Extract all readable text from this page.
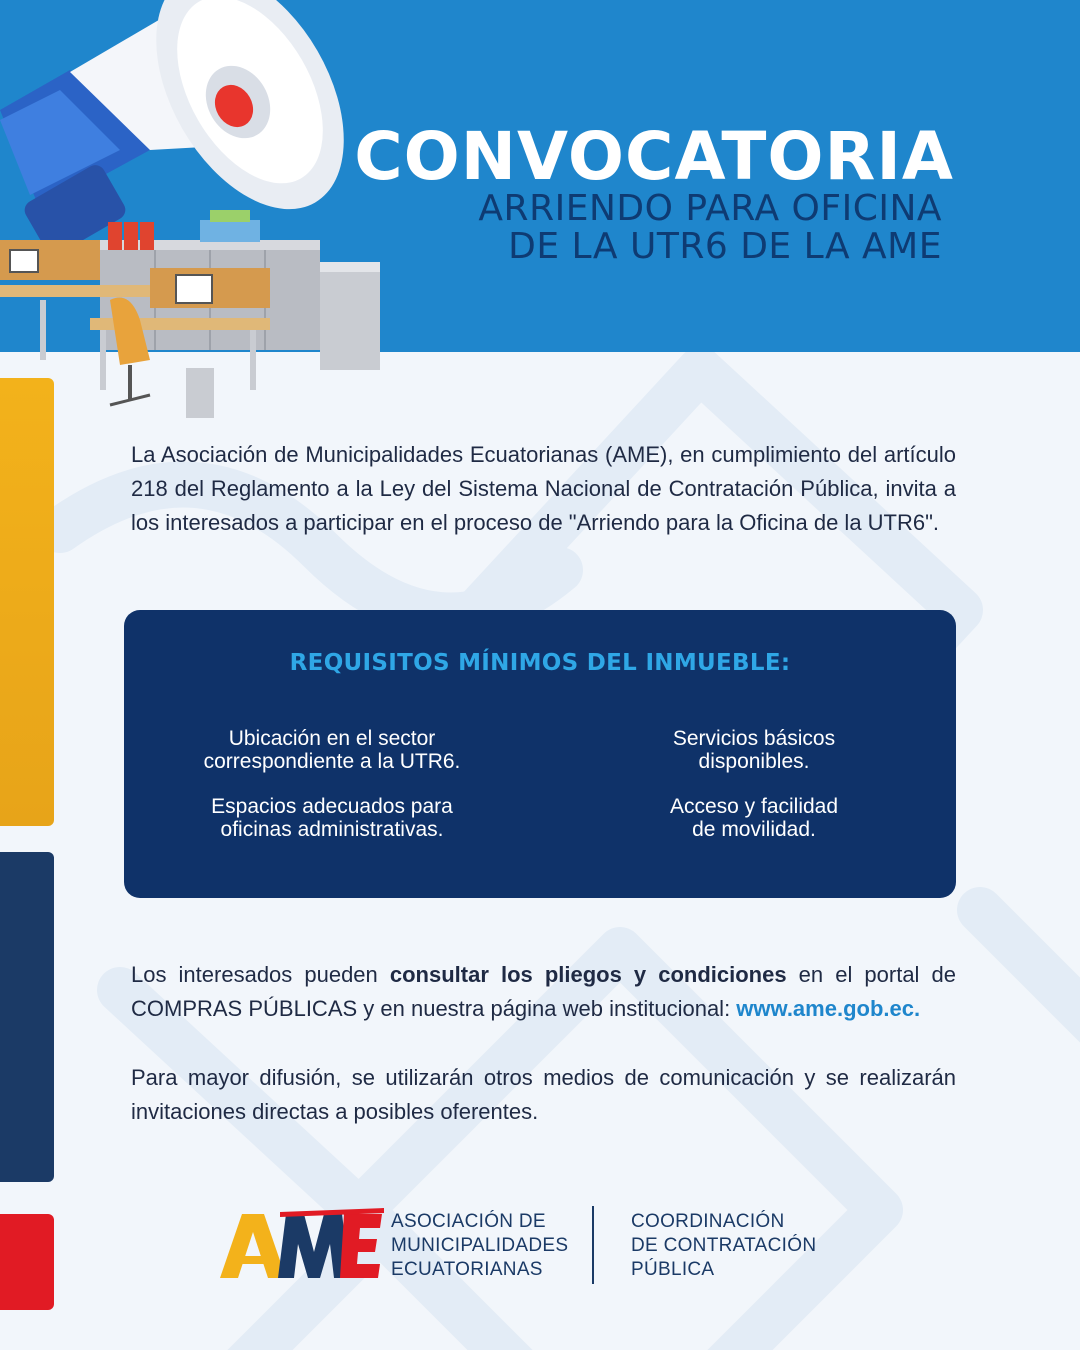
CONVOCATORIA
ARRIENDO PARA OFICINA
DE LA UTR6 DE LA AME

La Asociación de Municipalidades Ecuatorianas (AME), en cumplimiento del artículo 218 del Reglamento a la Ley del Sistema Nacional de Contratación Pública, invita a los interesados a participar en el proceso de "Arriendo para la Oficina de la UTR6".

REQUISITOS MÍNIMOS DEL INMUEBLE:
Ubicación en el sector
correspondiente a la UTR6.
Servicios básicos
disponibles.
Espacios adecuados para
oficinas administrativas.
Acceso y facilidad
de movilidad.

Los interesados pueden consultar los pliegos y condiciones en el portal de COMPRAS PÚBLICAS y en nuestra página web institucional: www.ame.gob.ec.

Para mayor difusión, se utilizarán otros medios de comunicación y se realizarán invitaciones directas a posibles oferentes.

ASOCIACIÓN DE
MUNICIPALIDADES
ECUATORIANAS
COORDINACIÓN
DE CONTRATACIÓN
PÚBLICA
